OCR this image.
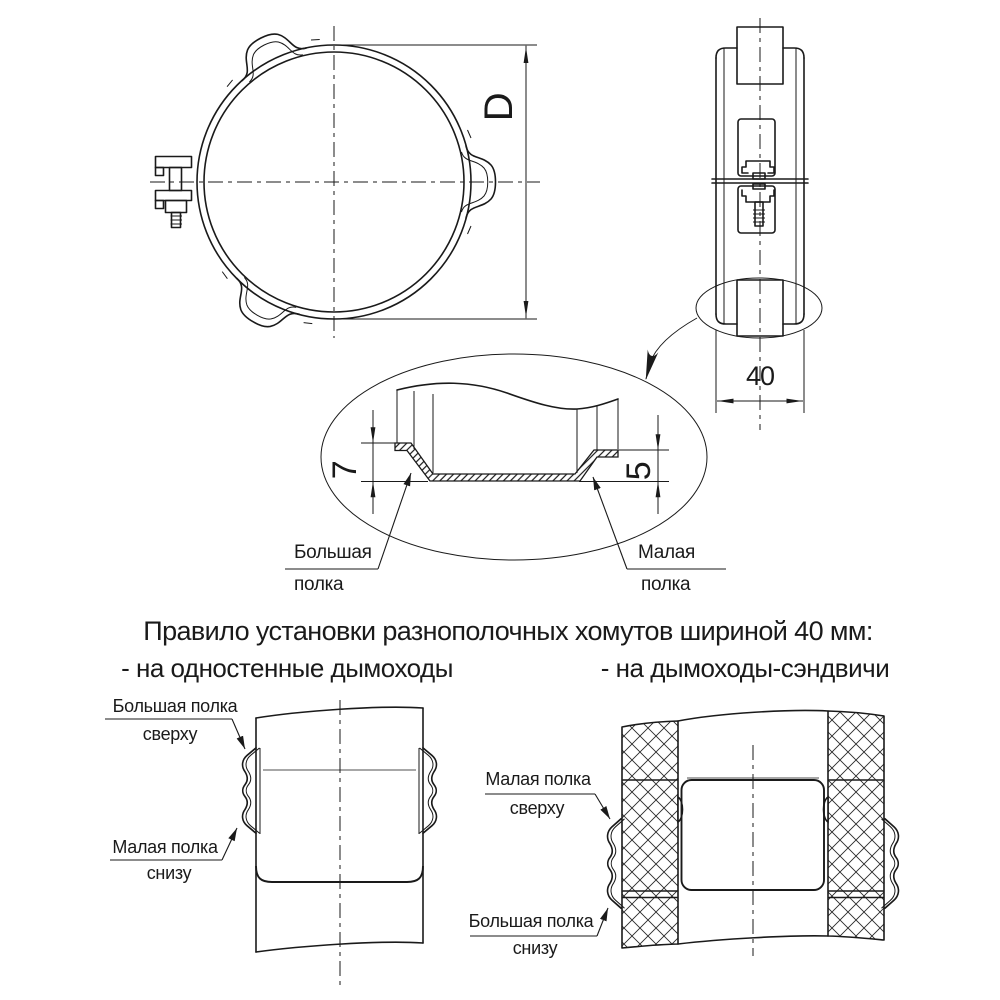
D
40
7	5
Большая
полка
Малая
полка
Правило установки разнополочных хомутов шириной 40 мм:
- на одностенные дымоходы	- на дымоходы-сэндвичи
Большая полка
сверху
Малая полка
снизу
Малая полка
сверху
Большая полка
снизу
